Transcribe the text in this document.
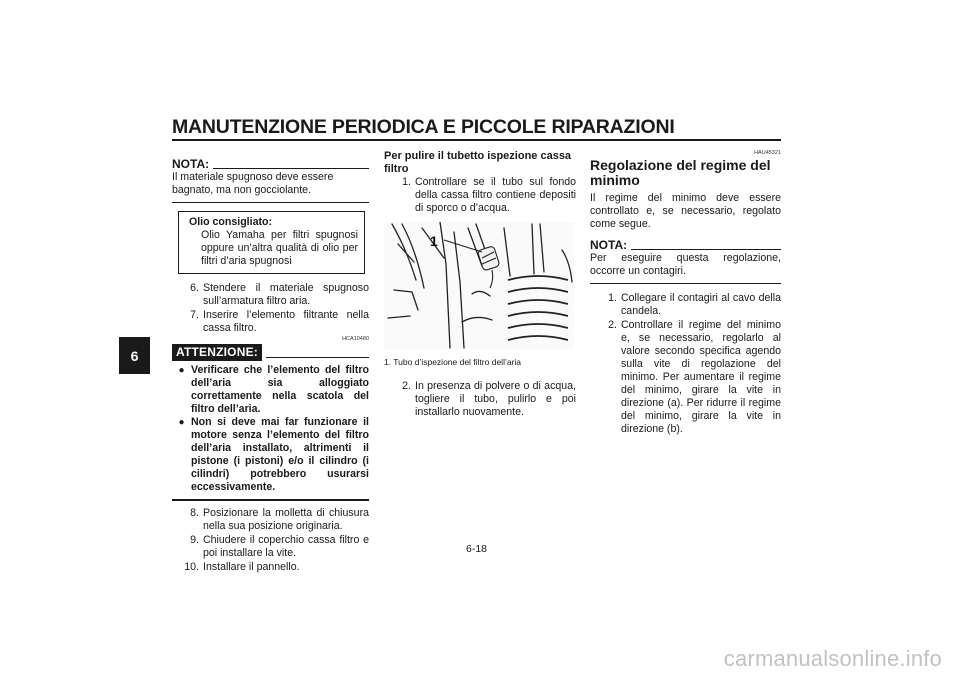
MANUTENZIONE PERIODICA E PICCOLE RIPARAZIONI
6
NOTA:

Il materiale spugnoso deve essere bagnato, ma non gocciolante.

Olio consigliato:
Olio Yamaha per filtri spugnosi oppure un’altra qualità di olio per filtri d’aria spugnosi
6. Stendere il materiale spugnoso sull’armatura filtro aria.
7. Inserire l’elemento filtrante nella cassa filtro.
HCA10480
ATTENZIONE:
● Verificare che l’elemento del filtro dell’aria sia alloggiato correttamente nella scatola del filtro dell’aria.
● Non si deve mai far funzionare il motore senza l’elemento del filtro dell’aria installato, altrimenti il pistone (i pistoni) e/o il cilindro (i cilindri) potrebbero usurarsi eccessivamente.
8. Posizionare la molletta di chiusura nella sua posizione originaria.
9. Chiudere il coperchio cassa filtro e poi installare la vite.
10. Installare il pannello.
Per pulire il tubetto ispezione cassa filtro
1. Controllare se il tubo sul fondo della cassa filtro contiene depositi di sporco o d’acqua.
1
1. Tubo d’ispezione del filtro dell’aria
2. In presenza di polvere o di acqua, togliere il tubo, pulirlo e poi installarlo nuovamente.
HAU45321
Regolazione del regime del minimo

Il regime del minimo deve essere controllato e, se necessario, regolato come segue.

NOTA:

Per eseguire questa regolazione, occorre un contagiri.

1. Collegare il contagiri al cavo della candela.
2. Controllare il regime del minimo e, se necessario, regolarlo al valore secondo specifica agendo sulla vite di regolazione del minimo. Per aumentare il regime del minimo, girare la vite in direzione (a). Per ridurre il regime del minimo, girare la vite in direzione (b).
6-18
carmanualsonline.info
